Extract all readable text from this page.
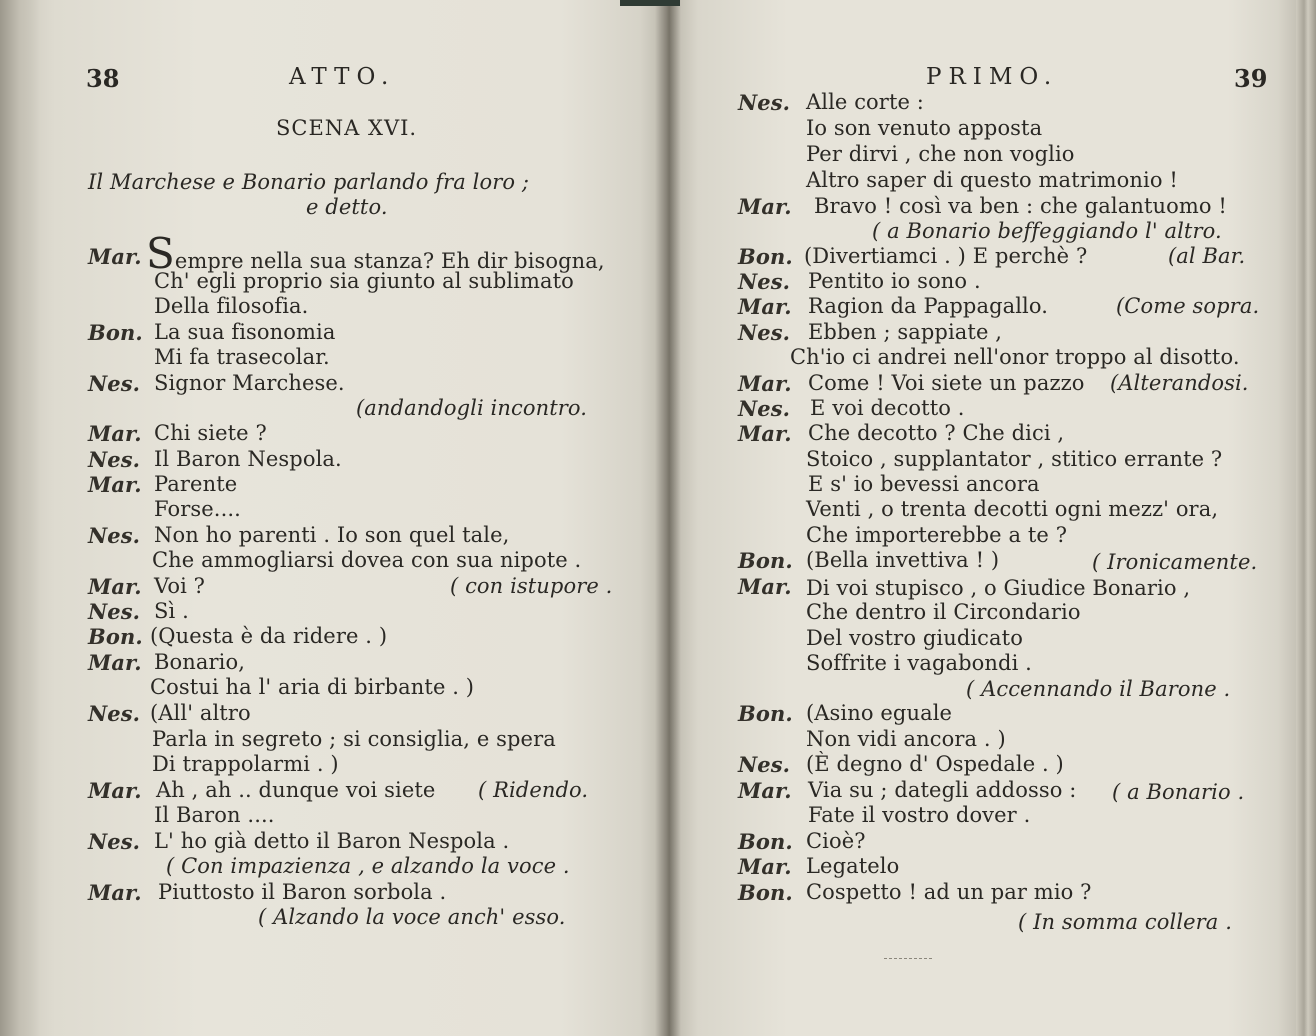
38	ATTO.
SCENA XVI.
Il Marchese e Bonario parlando fra loro ;
e detto.
Mar. Sempre nella sua stanza? Eh dir bisogna,
Ch' egli proprio sia giunto al sublimato
Della filosofia.
Bon. La sua fisonomia
Mi fa trasecolar.
Nes. Signor Marchese.
(andandogli incontro.
Mar. Chi siete ?
Nes. Il Baron Nespola.
Mar. Parente
Forse....
Nes. Non ho parenti . Io son quel tale,
Che ammogliarsi dovea con sua nipote .
Mar. Voi ?	( con istupore .
Nes. Sì .
Bon. (Questa è da ridere . )
Mar. Bonario,
Costui ha l' aria di birbante . )
Nes. (All' altro
Parla in segreto ; si consiglia, e spera
Di trappolarmi . )
Mar. Ah , ah .. dunque voi siete ( Ridendo.
Il Baron ....
Nes. L' ho già detto il Baron Nespola .
( Con impazienza , e alzando la voce .
Mar. Piuttosto il Baron sorbola .
( Alzando la voce anch' esso.
PRIMO.	39
Nes. Alle corte :
Io son venuto apposta
Per dirvi , che non voglio
Altro saper di questo matrimonio !
Mar. Bravo ! così va ben : che galantuomo !
( a Bonario beffeggiando l' altro.
Bon. (Divertiamci . ) E perchè ?	(al Bar.
Nes. Pentito io sono .
Mar. Ragion da Pappagallo.	(Come sopra.
Nes. Ebben ; sappiate ,
Ch'io ci andrei nell'onor troppo al disotto.
Mar. Come ! Voi siete un pazzo (Alterandosi.
Nes. E voi decotto .
Mar. Che decotto ? Che dici ,
Stoico , supplantator , stitico errante ?
E s' io bevessi ancora
Venti , o trenta decotti ogni mezz' ora,
Che importerebbe a te ?
Bon. (Bella invettiva ! )	( Ironicamente.
Mar. Di voi stupisco , o Giudice Bonario ,
Che dentro il Circondario
Del vostro giudicato
Soffrite i vagabondi .
( Accennando il Barone .
Bon. (Asino eguale
Non vidi ancora . )
Nes. (È degno d' Ospedale . )
Mar. Via su ; dategli addosso : ( a Bonario .
Fate il vostro dover .
Bon. Cioè?
Mar. Legatelo
Bon. Cospetto ! ad un par mio ?
( In somma collera .
